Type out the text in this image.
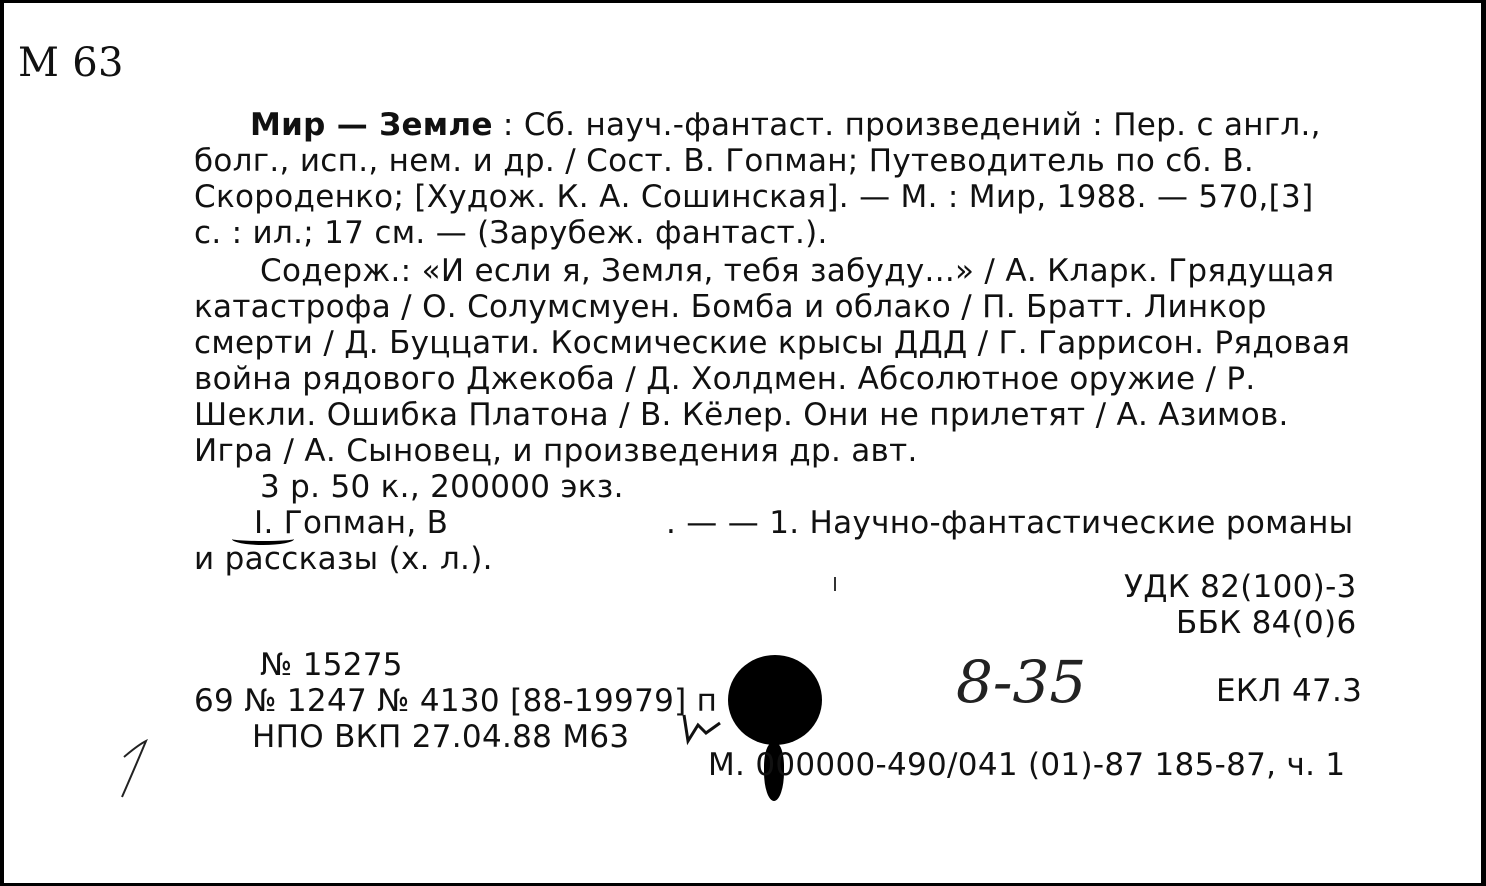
М 63
Мир — Земле : Сб. науч.-фантаст. произведений : Пер. с англ.,
болг., исп., нем. и др. / Сост. В. Гопман; Путеводитель по сб. В.
Скороденко; [Худож. К. А. Сошинская]. — М. : Мир, 1988. — 570,[3]
с. : ил.; 17 см. — (Зарубеж. фантаст.).
Содерж.: «И если я, Земля, тебя забуду...» / А. Кларк. Грядущая
катастрофа / О. Солумсмуен. Бомба и облако / П. Братт. Линкор
смерти / Д. Буццати. Космические крысы ДДД / Г. Гаррисон. Рядовая
война рядового Джекоба / Д. Холдмен. Абсолютное оружие / Р.
Шекли. Ошибка Платона / В. Кёлер. Они не прилетят / А. Азимов.
Игра / А. Сыновец, и произведения др. авт.
3 р. 50 к., 200000 экз.
I. Гопман, В	. — — 1. Научно-фантастические романы
и рассказы (х. л.).
УДК 82(100)-3
ББК 84(0)6
№ 15275
69 № 1247 № 4130 [88-19979] п
НПО ВКП 27.04.88 М63
8-35	ЕКЛ 47.3
М. 000000-490/041 (01)-87 185-87, ч. 1
